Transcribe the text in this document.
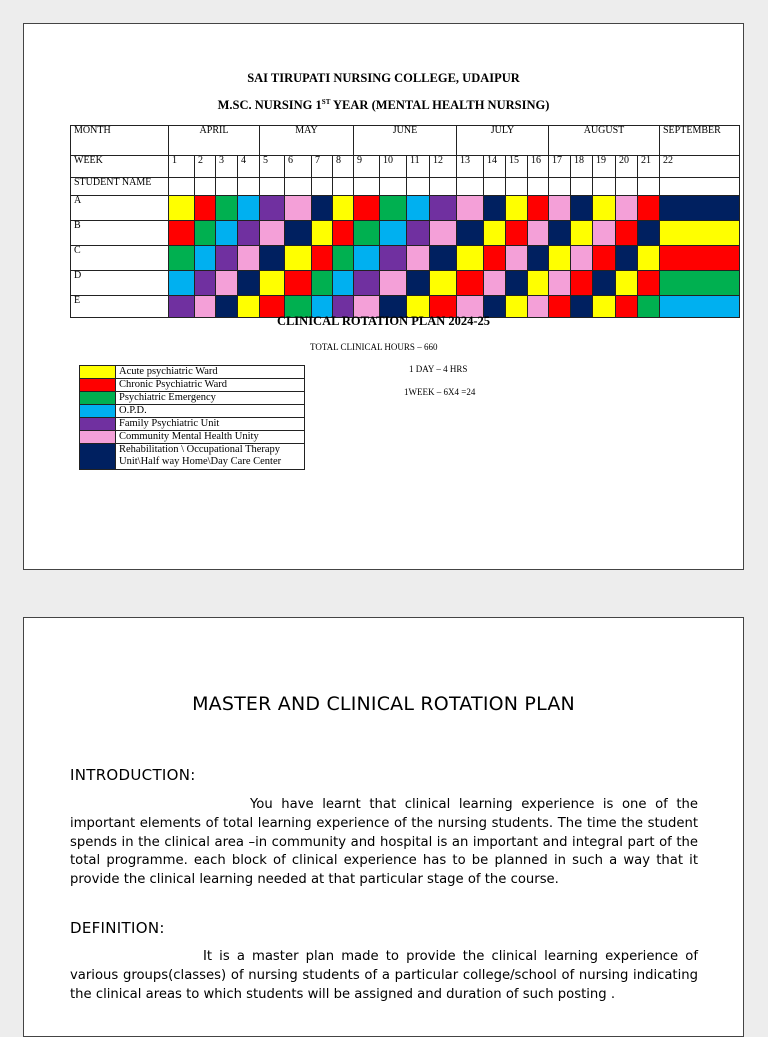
SAI TIRUPATI NURSING COLLEGE, UDAIPUR
M.SC. NURSING 1ST YEAR (MENTAL HEALTH NURSING)
MONTH	APRIL				MAY				JUNE				JULY				AUGUST					SEPTEMBER
WEEK	1	2	3	4	5	6	7	8	9	10	11	12	13	14	15	16	17	18	19	20	21	22
STUDENT NAME																						
A																						
B																						
C																						
D																						
E																						
CLINICAL ROTATION PLAN 2024-25
TOTAL CLINICAL HOURS – 660
1 DAY – 4 HRS
1WEEK – 6X4 =24
	Acute psychiatric Ward
	Chronic Psychiatric Ward
	Psychiatric Emergency
	O.P.D.
	Family Psychiatric Unit
	Community Mental Health Unity
	Rehabilitation \ Occupational Therapy Unit\Half way Home\Day Care Center
MASTER AND CLINICAL ROTATION PLAN
INTRODUCTION:
You have learnt that clinical learning experience is one of the important elements of total learning experience of the nursing students. The time the student spends in the clinical area –in community and hospital is an important and integral part of the total programme. each block of clinical experience has to be planned in such a way that it provide the clinical learning needed at that particular stage of the course.
DEFINITION:
It is a master plan made to provide the clinical learning experience of various groups(classes) of nursing students of a particular college/school of nursing indicating the clinical areas to which students will be assigned and duration of such posting .
